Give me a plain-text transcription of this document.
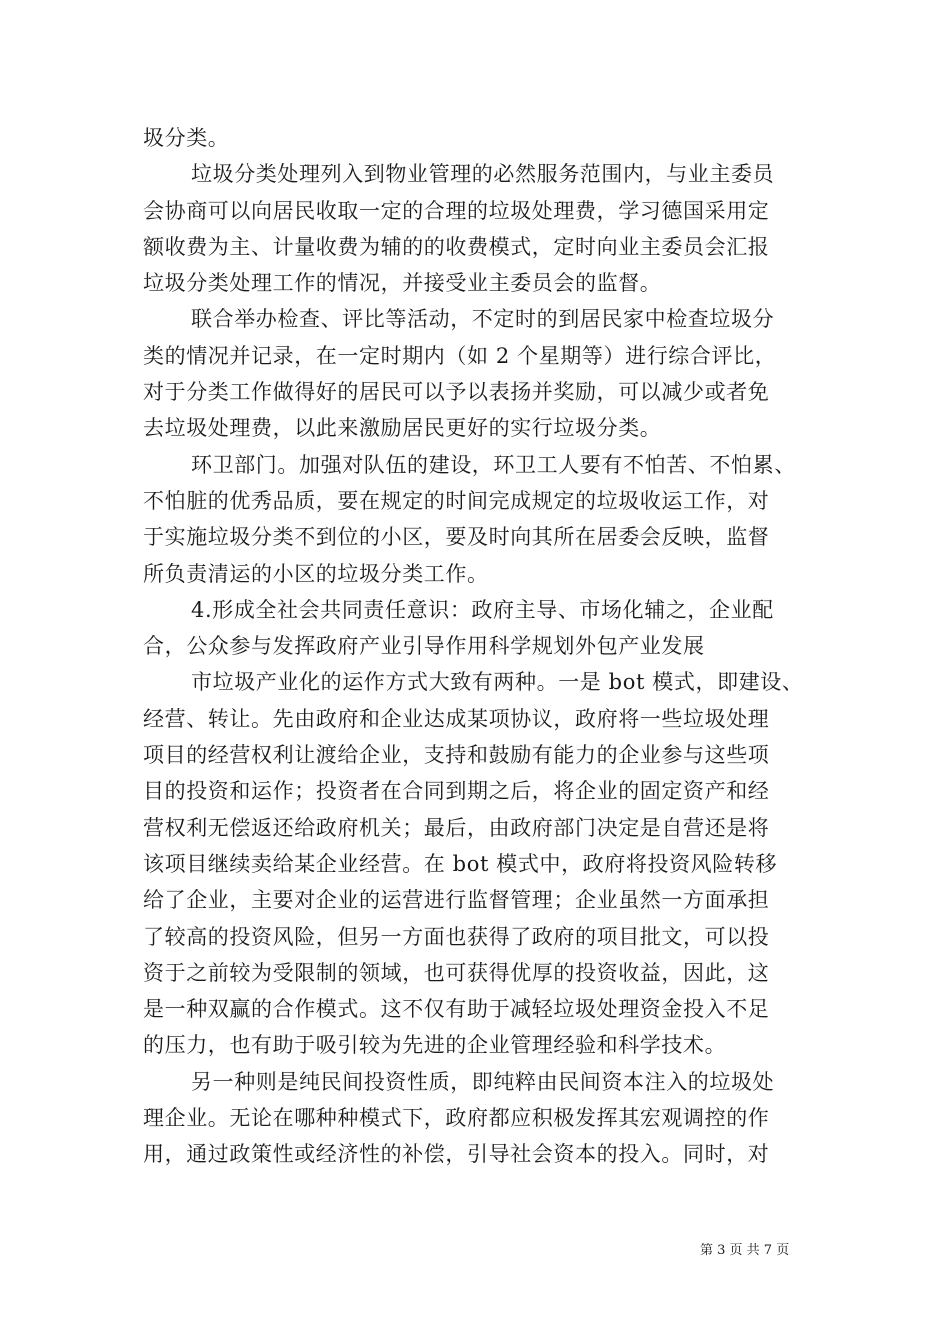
圾分类。
垃圾分类处理列入到物业管理的必然服务范围内，与业主委员
会协商可以向居民收取一定的合理的垃圾处理费，学习德国采用定
额收费为主、计量收费为辅的的收费模式，定时向业主委员会汇报
垃圾分类处理工作的情况，并接受业主委员会的监督。
联合举办检查、评比等活动，不定时的到居民家中检查垃圾分
类的情况并记录，在一定时期内（如 2 个星期等）进行综合评比，
对于分类工作做得好的居民可以予以表扬并奖励，可以减少或者免
去垃圾处理费，以此来激励居民更好的实行垃圾分类。
环卫部门。加强对队伍的建设，环卫工人要有不怕苦、不怕累、
不怕脏的优秀品质，要在规定的时间完成规定的垃圾收运工作，对
于实施垃圾分类不到位的小区，要及时向其所在居委会反映，监督
所负责清运的小区的垃圾分类工作。
4.形成全社会共同责任意识：政府主导、市场化辅之，企业配
合，公众参与发挥政府产业引导作用科学规划外包产业发展
市垃圾产业化的运作方式大致有两种。一是 bot 模式，即建设、
经营、转让。先由政府和企业达成某项协议，政府将一些垃圾处理
项目的经营权利让渡给企业，支持和鼓励有能力的企业参与这些项
目的投资和运作；投资者在合同到期之后，将企业的固定资产和经
营权利无偿返还给政府机关；最后，由政府部门决定是自营还是将
该项目继续卖给某企业经营。在 bot 模式中，政府将投资风险转移
给了企业，主要对企业的运营进行监督管理；企业虽然一方面承担
了较高的投资风险，但另一方面也获得了政府的项目批文，可以投
资于之前较为受限制的领域，也可获得优厚的投资收益，因此，这
是一种双赢的合作模式。这不仅有助于减轻垃圾处理资金投入不足
的压力，也有助于吸引较为先进的企业管理经验和科学技术。
另一种则是纯民间投资性质，即纯粹由民间资本注入的垃圾处
理企业。无论在哪种种模式下，政府都应积极发挥其宏观调控的作
用，通过政策性或经济性的补偿，引导社会资本的投入。同时，对
第 3 页 共 7 页
